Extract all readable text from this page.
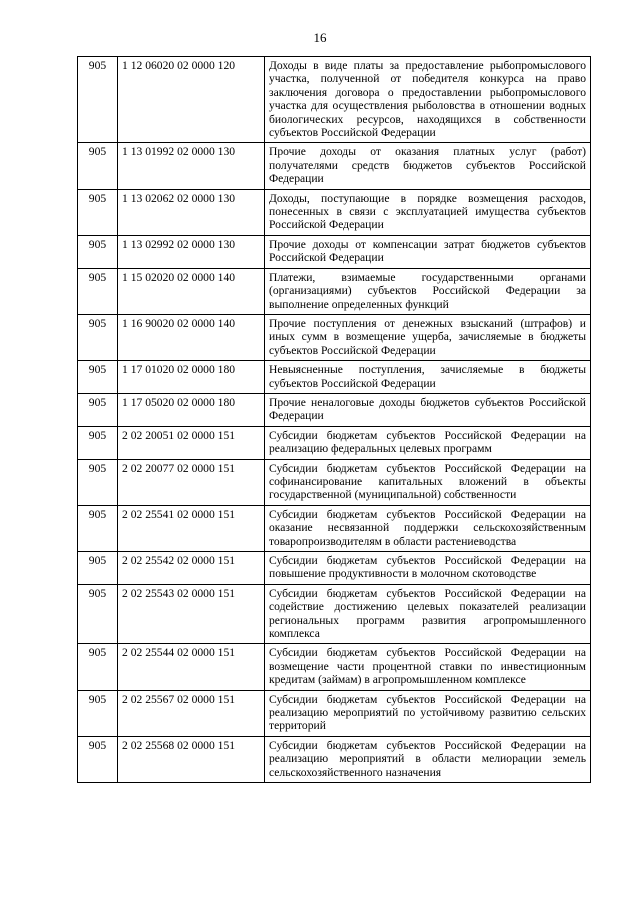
16
905	1 12 06020 02 0000 120	Доходы в виде платы за предоставление рыбопромыслового участка, полученной от победителя конкурса на право заключения договора о предоставлении рыбопромыслового участка для осуществления рыболовства в отношении водных биологических ресурсов, находящихся в собственности субъектов Российской Федерации
905	1 13 01992 02 0000 130	Прочие доходы от оказания платных услуг (работ) получателями средств бюджетов субъектов Российской Федерации
905	1 13 02062 02 0000 130	Доходы, поступающие в порядке возмещения расходов, понесенных в связи с эксплуатацией имущества субъектов Российской Федерации
905	1 13 02992 02 0000 130	Прочие доходы от компенсации затрат бюджетов субъектов Российской Федерации
905	1 15 02020 02 0000 140	Платежи, взимаемые государственными органами (организациями) субъектов Российской Федерации за выполнение определенных функций
905	1 16 90020 02 0000 140	Прочие поступления от денежных взысканий (штрафов) и иных сумм в возмещение ущерба, зачисляемые в бюджеты субъектов Российской Федерации
905	1 17 01020 02 0000 180	Невыясненные поступления, зачисляемые в бюджеты субъектов Российской Федерации
905	1 17 05020 02 0000 180	Прочие неналоговые доходы бюджетов субъектов Российской Федерации
905	2 02 20051 02 0000 151	Субсидии бюджетам субъектов Российской Федерации на реализацию федеральных целевых программ
905	2 02 20077 02 0000 151	Субсидии бюджетам субъектов Российской Федерации на софинансирование капитальных вложений в объекты государственной (муниципальной) собственности
905	2 02 25541 02 0000 151	Субсидии бюджетам субъектов Российской Федерации на оказание несвязанной поддержки сельскохозяйственным товаропроизводителям в области растениеводства
905	2 02 25542 02 0000 151	Субсидии бюджетам субъектов Российской Федерации на повышение продуктивности в молочном скотоводстве
905	2 02 25543 02 0000 151	Субсидии бюджетам субъектов Российской Федерации на содействие достижению целевых показателей реализации региональных программ развития агропромышленного комплекса
905	2 02 25544 02 0000 151	Субсидии бюджетам субъектов Российской Федерации на возмещение части процентной ставки по инвестиционным кредитам (займам) в агропромышленном комплексе
905	2 02 25567 02 0000 151	Субсидии бюджетам субъектов Российской Федерации на реализацию мероприятий по устойчивому развитию сельских территорий
905	2 02 25568 02 0000 151	Субсидии бюджетам субъектов Российской Федерации на реализацию мероприятий в области мелиорации земель сельскохозяйственного назначения
